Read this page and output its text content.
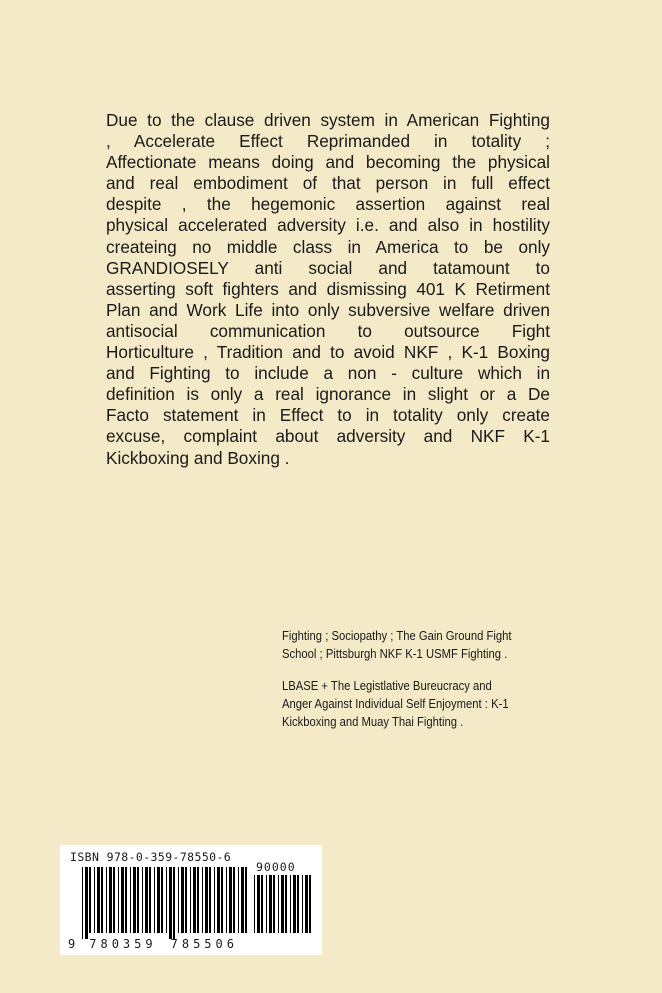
Due to the clause driven system in American Fighting
, Accelerate Effect Reprimanded in totality ;
Affectionate means doing and becoming the physical
and real embodiment of that person in full effect
despite , the hegemonic assertion against real
physical accelerated adversity i.e. and also in hostility
createing no middle class in America to be only
GRANDIOSELY anti social and tatamount to
asserting soft fighters and dismissing 401 K Retirment
Plan and Work Life into only subversive welfare driven
antisocial communication to outsource Fight
Horticulture , Tradition and to avoid NKF , K-1 Boxing
and Fighting to include a non - culture which in
definition is only a real ignorance in slight or a De
Facto statement in Effect to in totality only create
excuse, complaint about adversity and NKF K-1
Kickboxing and Boxing .
Fighting ; Sociopathy ; The Gain Ground Fight
School ; Pittsburgh NKF K-1 USMF Fighting .
LBASE + The Legistlative Bureucracy and
Anger Against Individual Self Enjoyment : K-1
Kickboxing and Muay Thai Fighting .
ISBN 978-0-359-78550-6
90000
9 780359 785506
